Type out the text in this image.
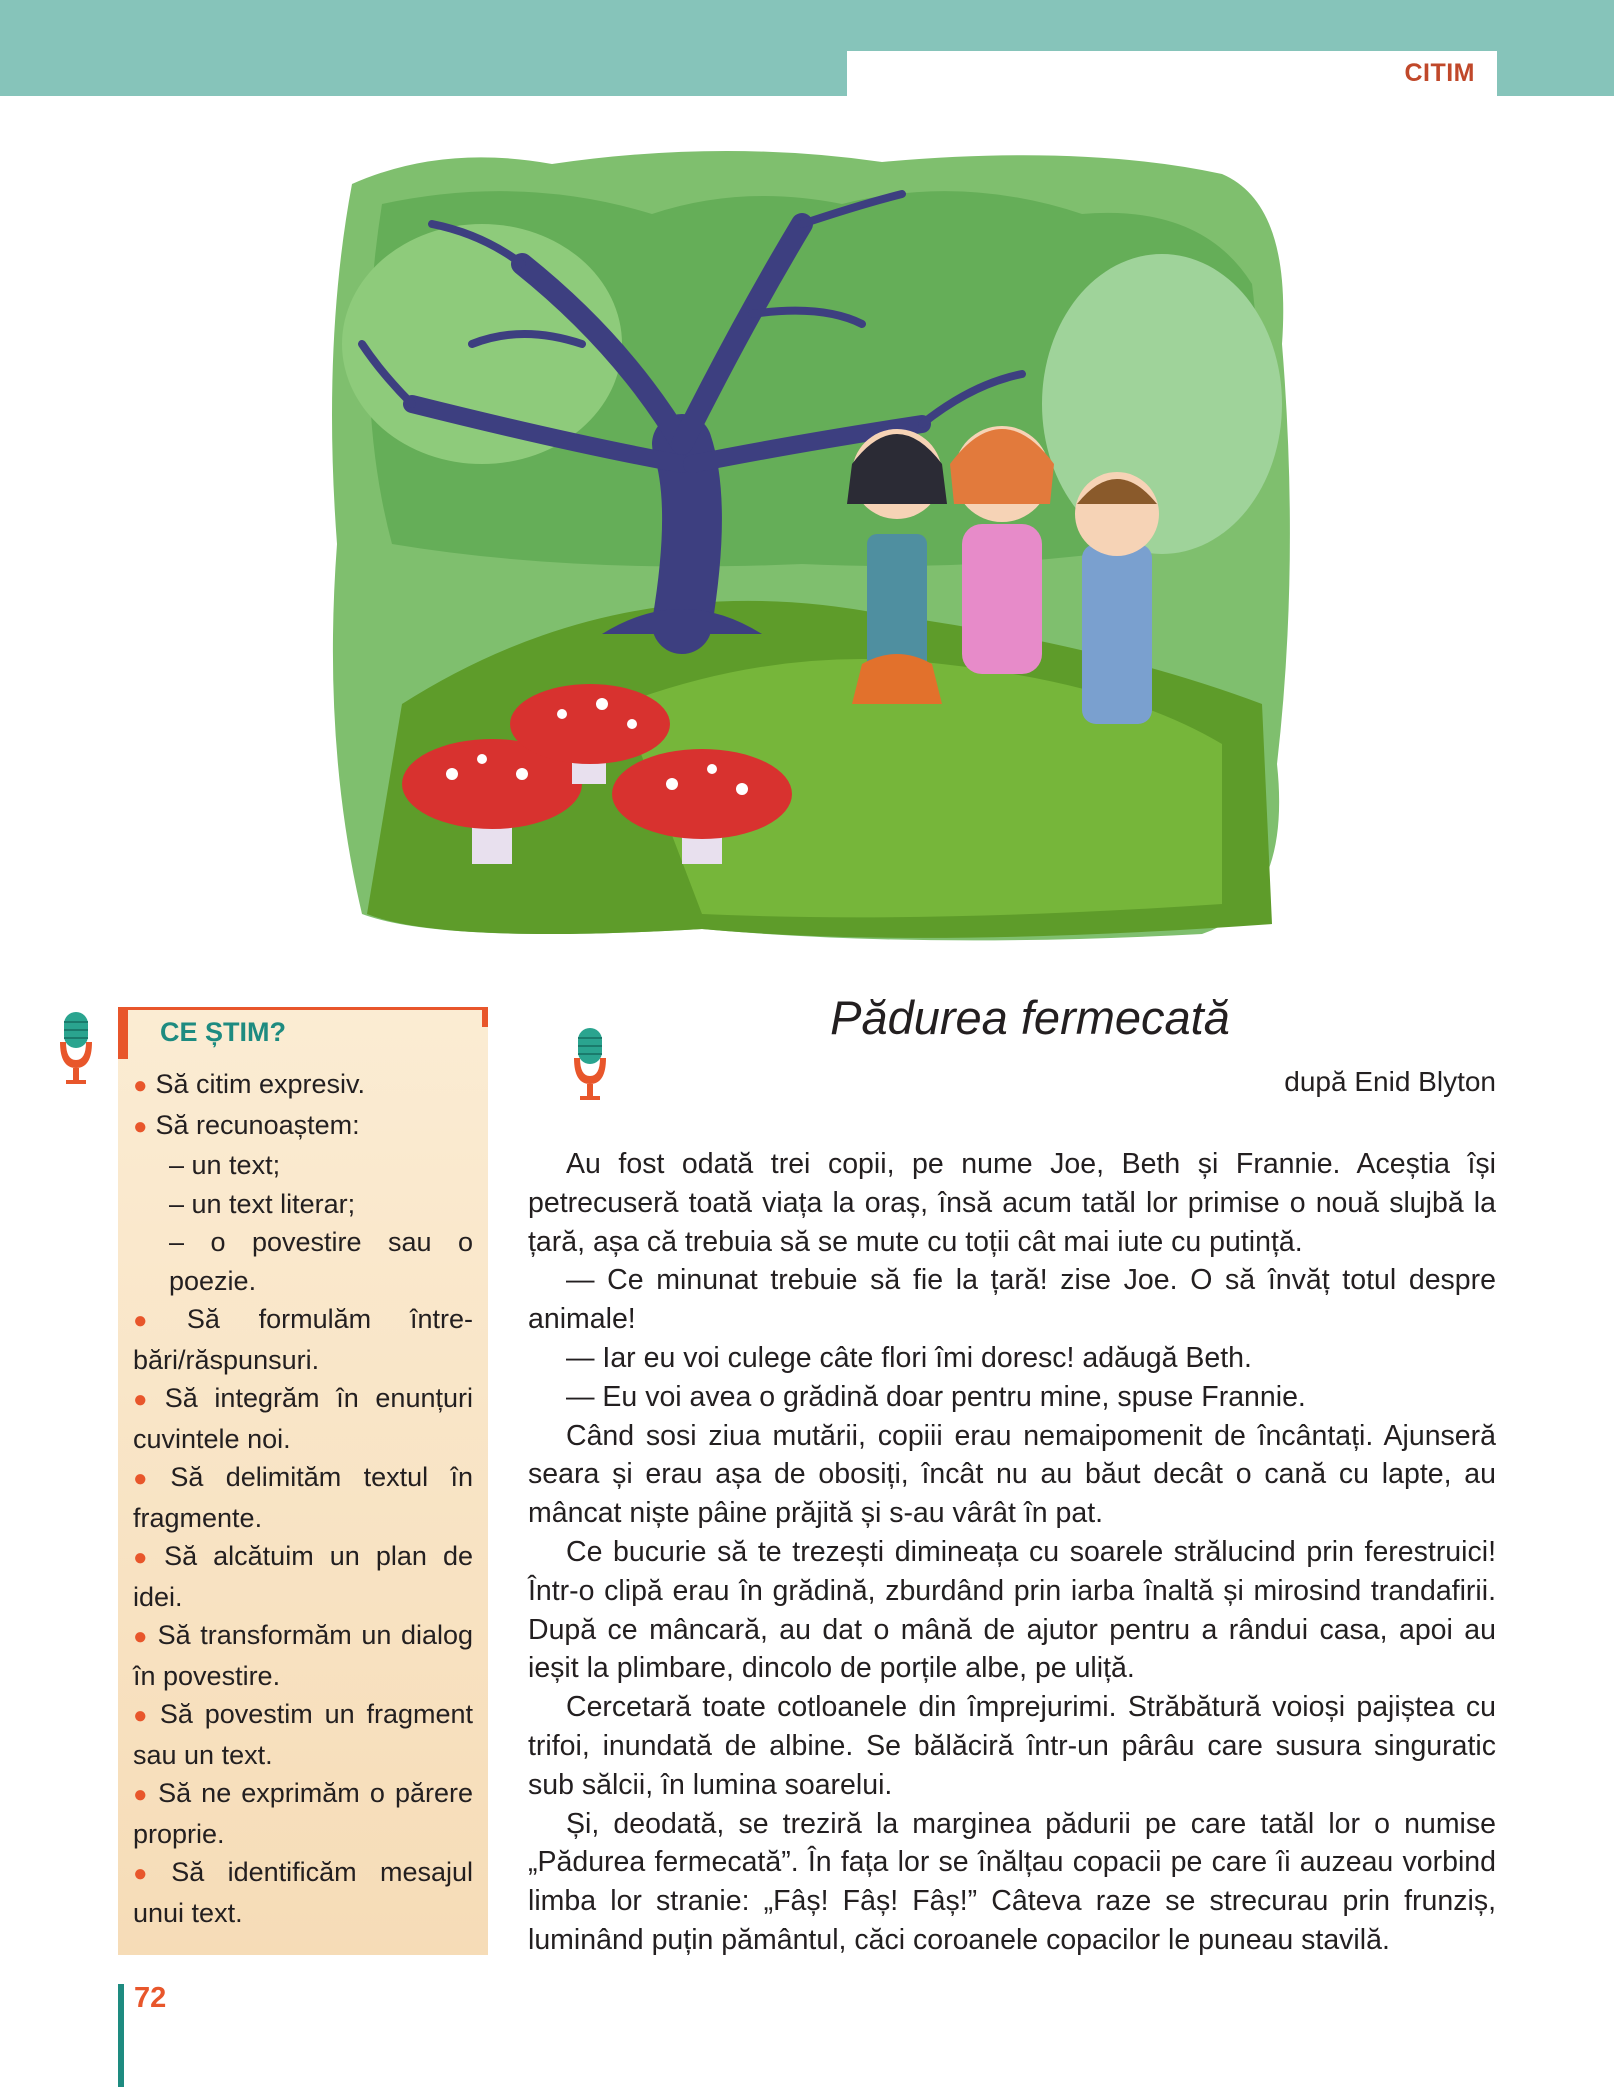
CITIM
CE ȘTIM?
● Să citim expresiv.
● Să recunoaștem:
– un text;
– un text literar;
– o povestire sau o poezie.
● Să formulăm întrebări/răspunsuri.
● Să integrăm în enunțuri cuvintele noi.
● Să delimităm textul în fragmente.
● Să alcătuim un plan de idei.
● Să transformăm un dialog în povestire.
● Să povestim un fragment sau un text.
● Să ne exprimăm o părere proprie.
● Să identificăm mesajul unui text.
Pădurea fermecată

după Enid Blyton

Au fost odată trei copii, pe nume Joe, Beth și Frannie. Aceștia își petrecuseră toată viața la oraș, însă acum tatăl lor primise o nouă slujbă la țară, așa că trebuia să se mute cu toții cât mai iute cu putință.

— Ce minunat trebuie să fie la țară! zise Joe. O să învăț totul despre animale!

— Iar eu voi culege câte flori îmi doresc! adăugă Beth.

— Eu voi avea o grădină doar pentru mine, spuse Frannie.

Când sosi ziua mutării, copiii erau nemaipomenit de încântați. Ajunseră seara și erau așa de obosiți, încât nu au băut decât o cană cu lapte, au mâncat niște pâine prăjită și s-au vârât în pat.

Ce bucurie să te trezești dimineața cu soarele strălucind prin ferestruici! Într-o clipă erau în grădină, zburdând prin iarba înaltă și mirosind trandafirii. După ce mâncară, au dat o mână de ajutor pentru a rândui casa, apoi au ieșit la plimbare, dincolo de porțile albe, pe uliță.

Cercetară toate cotloanele din împrejurimi. Străbătură voioși pajiștea cu trifoi, inundată de albine. Se bălăciră într-un pârâu care susura singuratic sub sălcii, în lumina soarelui.

Și, deodată, se treziră la marginea pădurii pe care tatăl lor o numise „Pădurea fermecată”. În fața lor se înălțau copacii pe care îi auzeau vorbind limba lor stranie: „Fâș! Fâș! Fâș!” Câteva raze se strecurau prin frunziș, luminând puțin pământul, căci coroanele copacilor le puneau stavilă.

72
